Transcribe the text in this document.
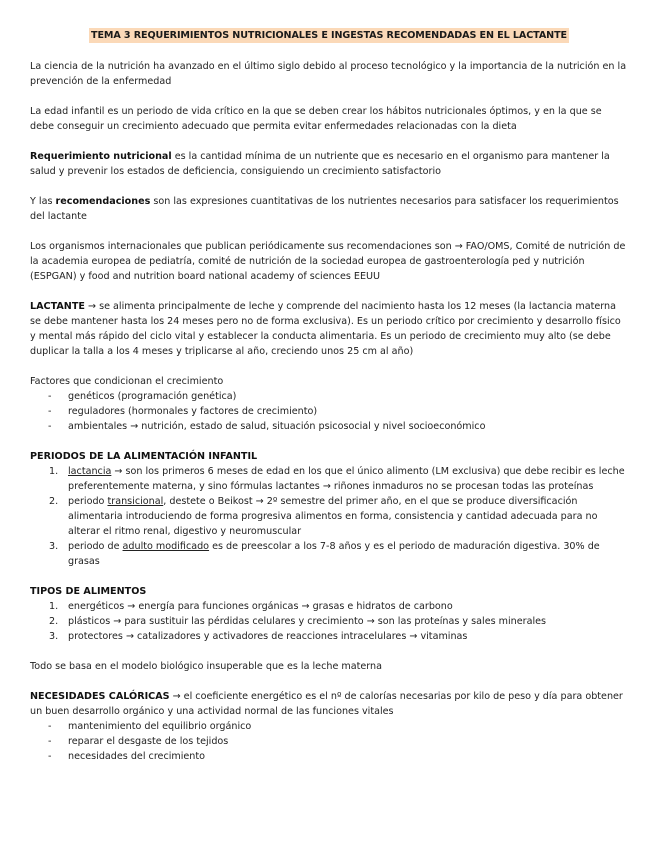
TEMA 3 REQUERIMIENTOS NUTRICIONALES E INGESTAS RECOMENDADAS EN EL LACTANTE

La ciencia de la nutrición ha avanzado en el último siglo debido al proceso tecnológico y la importancia de la nutrición en la prevención de la enfermedad

La edad infantil es un periodo de vida crítico en la que se deben crear los hábitos nutricionales óptimos, y en la que se debe conseguir un crecimiento adecuado que permita evitar enfermedades relacionadas con la dieta

Requerimiento nutricional es la cantidad mínima de un nutriente que es necesario en el organismo para mantener la salud y prevenir los estados de deficiencia, consiguiendo un crecimiento satisfactorio

Y las recomendaciones son las expresiones cuantitativas de los nutrientes necesarios para satisfacer los requerimientos del lactante

Los organismos internacionales que publican periódicamente sus recomendaciones son → FAO/OMS, Comité de nutrición de la academia europea de pediatría, comité de nutrición de la sociedad europea de gastroenterología ped y nutrición (ESPGAN) y food and nutrition board national academy of sciences EEUU

LACTANTE → se alimenta principalmente de leche y comprende del nacimiento hasta los 12 meses (la lactancia materna se debe mantener hasta los 24 meses pero no de forma exclusiva). Es un periodo crítico por crecimiento y desarrollo físico y mental más rápido del ciclo vital y establecer la conducta alimentaria. Es un periodo de crecimiento muy alto (se debe duplicar la talla a los 4 meses y triplicarse al año, creciendo unos 25 cm al año)

Factores que condicionan el crecimiento
- genéticos (programación genética)
- reguladores (hormonales y factores de crecimiento)
- ambientales → nutrición, estado de salud, situación psicosocial y nivel socioeconómico
PERIODOS DE LA ALIMENTACIÓN INFANTIL
1. lactancia → son los primeros 6 meses de edad en los que el único alimento (LM exclusiva) que debe recibir es leche preferentemente materna, y sino fórmulas lactantes → riñones inmaduros no se procesan todas las proteínas
2. periodo transicional, destete o Beikost → 2º semestre del primer año, en el que se produce diversificación alimentaria introduciendo de forma progresiva alimentos en forma, consistencia y cantidad adecuada para no alterar el ritmo renal, digestivo y neuromuscular
3. periodo de adulto modificado es de preescolar a los 7-8 años y es el periodo de maduración digestiva. 30% de grasas
TIPOS DE ALIMENTOS
1. energéticos → energía para funciones orgánicas → grasas e hidratos de carbono
2. plásticos → para sustituir las pérdidas celulares y crecimiento → son las proteínas y sales minerales
3. protectores → catalizadores y activadores de reacciones intracelulares → vitaminas

Todo se basa en el modelo biológico insuperable que es la leche materna

NECESIDADES CALÓRICAS → el coeficiente energético es el nº de calorías necesarias por kilo de peso y día para obtener un buen desarrollo orgánico y una actividad normal de las funciones vitales
- mantenimiento del equilibrio orgánico
- reparar el desgaste de los tejidos
- necesidades del crecimiento
